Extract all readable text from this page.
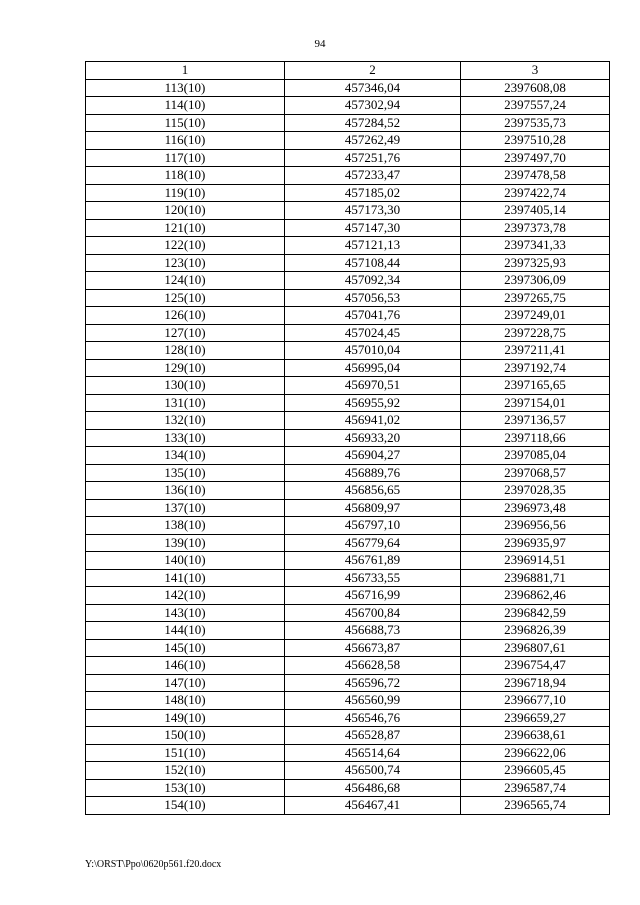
94
1	2	3
113(10)	457346,04	2397608,08
114(10)	457302,94	2397557,24
115(10)	457284,52	2397535,73
116(10)	457262,49	2397510,28
117(10)	457251,76	2397497,70
118(10)	457233,47	2397478,58
119(10)	457185,02	2397422,74
120(10)	457173,30	2397405,14
121(10)	457147,30	2397373,78
122(10)	457121,13	2397341,33
123(10)	457108,44	2397325,93
124(10)	457092,34	2397306,09
125(10)	457056,53	2397265,75
126(10)	457041,76	2397249,01
127(10)	457024,45	2397228,75
128(10)	457010,04	2397211,41
129(10)	456995,04	2397192,74
130(10)	456970,51	2397165,65
131(10)	456955,92	2397154,01
132(10)	456941,02	2397136,57
133(10)	456933,20	2397118,66
134(10)	456904,27	2397085,04
135(10)	456889,76	2397068,57
136(10)	456856,65	2397028,35
137(10)	456809,97	2396973,48
138(10)	456797,10	2396956,56
139(10)	456779,64	2396935,97
140(10)	456761,89	2396914,51
141(10)	456733,55	2396881,71
142(10)	456716,99	2396862,46
143(10)	456700,84	2396842,59
144(10)	456688,73	2396826,39
145(10)	456673,87	2396807,61
146(10)	456628,58	2396754,47
147(10)	456596,72	2396718,94
148(10)	456560,99	2396677,10
149(10)	456546,76	2396659,27
150(10)	456528,87	2396638,61
151(10)	456514,64	2396622,06
152(10)	456500,74	2396605,45
153(10)	456486,68	2396587,74
154(10)	456467,41	2396565,74
Y:\ORST\Ppo\0620p561.f20.docx
